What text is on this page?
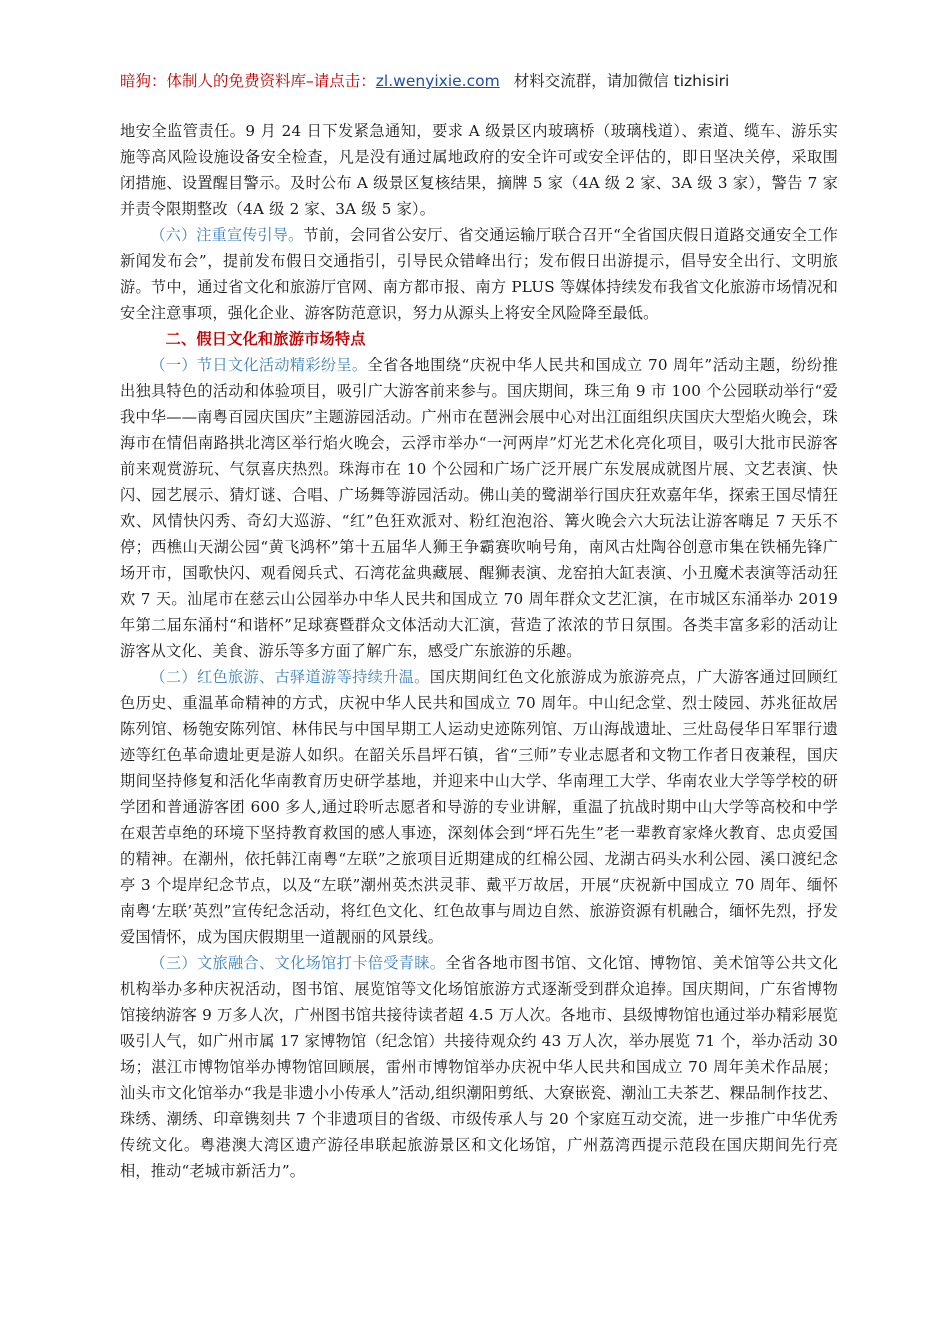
暗狗：体制人的免费资料库–请点击：zl.wenyixie.com 材料交流群，请加微信 tizhisiri

地安全监管责任。9 月 24 日下发紧急通知，要求 A 级景区内玻璃桥（玻璃栈道）、索道、缆车、游乐实施等高风险设施设备安全检查，凡是没有通过属地政府的安全许可或安全评估的，即日坚决关停，采取围闭措施、设置醒目警示。及时公布 A 级景区复核结果，摘牌 5 家（4A 级 2 家、3A 级 3 家），警告 7 家并责令限期整改（4A 级 2 家、3A 级 5 家）。

（六）注重宣传引导。节前，会同省公安厅、省交通运输厅联合召开“全省国庆假日道路交通安全工作新闻发布会”，提前发布假日交通指引，引导民众错峰出行；发布假日出游提示，倡导安全出行、文明旅游。节中，通过省文化和旅游厅官网、南方都市报、南方 PLUS 等媒体持续发布我省文化旅游市场情况和安全注意事项，强化企业、游客防范意识，努力从源头上将安全风险降至最低。

二、假日文化和旅游市场特点

（一）节日文化活动精彩纷呈。全省各地围绕“庆祝中华人民共和国成立 70 周年”活动主题，纷纷推出独具特色的活动和体验项目，吸引广大游客前来参与。国庆期间，珠三角 9 市 100 个公园联动举行“爱我中华——南粤百园庆国庆”主题游园活动。广州市在琶洲会展中心对出江面组织庆国庆大型焰火晚会，珠海市在情侣南路拱北湾区举行焰火晚会，云浮市举办“一河两岸”灯光艺术化亮化项目，吸引大批市民游客前来观赏游玩、气氛喜庆热烈。珠海市在 10 个公园和广场广泛开展广东发展成就图片展、文艺表演、快闪、园艺展示、猜灯谜、合唱、广场舞等游园活动。佛山美的鹭湖举行国庆狂欢嘉年华，探索王国尽情狂欢、风情快闪秀、奇幻大巡游、“红”色狂欢派对、粉红泡泡浴、篝火晚会六大玩法让游客嗨足 7 天乐不停；西樵山天湖公园“黄飞鸿杯”第十五届华人狮王争霸赛吹响号角，南风古灶陶谷创意市集在铁桶先锋广场开市，国歌快闪、观看阅兵式、石湾花盆典藏展、醒狮表演、龙窑拍大缸表演、小丑魔术表演等活动狂欢 7 天。汕尾市在慈云山公园举办中华人民共和国成立 70 周年群众文艺汇演，在市城区东涌举办 2019 年第二届东涌村“和谐杯”足球赛暨群众文体活动大汇演，营造了浓浓的节日氛围。各类丰富多彩的活动让游客从文化、美食、游乐等多方面了解广东，感受广东旅游的乐趣。

（二）红色旅游、古驿道游等持续升温。国庆期间红色文化旅游成为旅游亮点，广大游客通过回顾红色历史、重温革命精神的方式，庆祝中华人民共和国成立 70 周年。中山纪念堂、烈士陵园、苏兆征故居陈列馆、杨匏安陈列馆、林伟民与中国早期工人运动史迹陈列馆、万山海战遗址、三灶岛侵华日军罪行遗迹等红色革命遗址更是游人如织。在韶关乐昌坪石镇，省“三师”专业志愿者和文物工作者日夜兼程，国庆期间坚持修复和活化华南教育历史研学基地，并迎来中山大学、华南理工大学、华南农业大学等学校的研学团和普通游客团 600 多人,通过聆听志愿者和导游的专业讲解，重温了抗战时期中山大学等高校和中学在艰苦卓绝的环境下坚持教育救国的感人事迹，深刻体会到“坪石先生”老一辈教育家烽火教育、忠贞爱国的精神。在潮州，依托韩江南粤“左联”之旅项目近期建成的红棉公园、龙湖古码头水利公园、溪口渡纪念亭 3 个堤岸纪念节点，以及“左联”潮州英杰洪灵菲、戴平万故居，开展“庆祝新中国成立 70 周年、缅怀南粤‘左联’英烈”宣传纪念活动，将红色文化、红色故事与周边自然、旅游资源有机融合，缅怀先烈，抒发爱国情怀，成为国庆假期里一道靓丽的风景线。

（三）文旅融合、文化场馆打卡倍受青睐。全省各地市图书馆、文化馆、博物馆、美术馆等公共文化机构举办多种庆祝活动，图书馆、展览馆等文化场馆旅游方式逐渐受到群众追捧。国庆期间，广东省博物馆接纳游客 9 万多人次，广州图书馆共接待读者超 4.5 万人次。各地市、县级博物馆也通过举办精彩展览吸引人气，如广州市属 17 家博物馆（纪念馆）共接待观众约 43 万人次，举办展览 71 个，举办活动 30 场；湛江市博物馆举办博物馆回顾展，雷州市博物馆举办庆祝中华人民共和国成立 70 周年美术作品展；汕头市文化馆举办“我是非遗小小传承人”活动,组织潮阳剪纸、大寮嵌瓷、潮汕工夫茶艺、粿品制作技艺、珠绣、潮绣、印章镌刻共 7 个非遗项目的省级、市级传承人与 20 个家庭互动交流，进一步推广中华优秀传统文化。粤港澳大湾区遗产游径串联起旅游景区和文化场馆，广州荔湾西提示范段在国庆期间先行亮相，推动“老城市新活力”。
